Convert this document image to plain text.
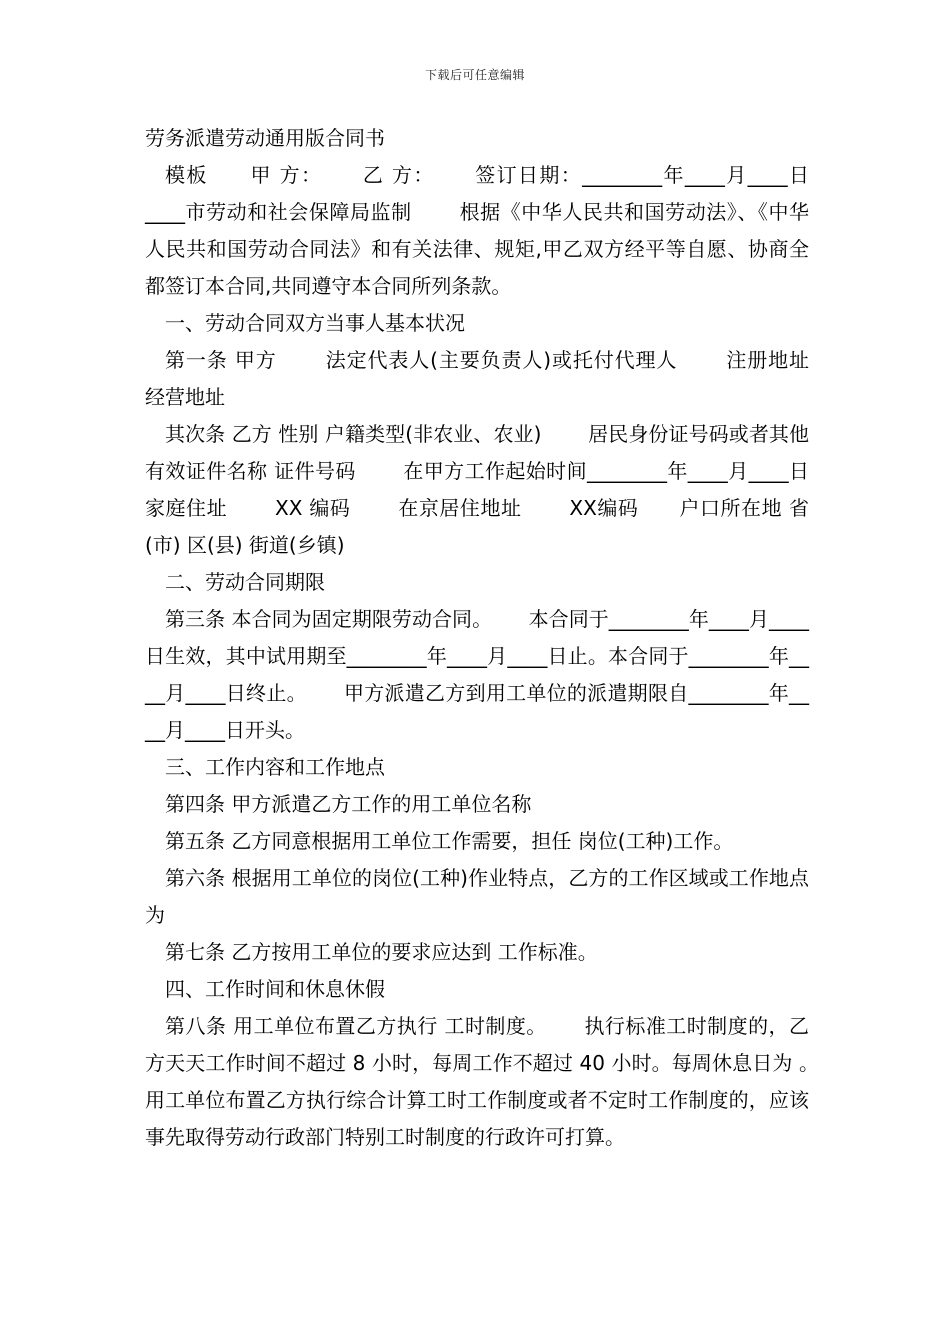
下载后可任意编辑

劳务派遣劳动通用版合同书

模板　　甲 方：　　 乙 方：　　 签订日期：________年____月____日　　 ____市劳动和社会保障局监制　　 根据《中华人民共和国劳动法》、《中华人民共和国劳动合同法》和有关法律、规矩,甲乙双方经平等自愿、协商全都签订本合同,共同遵守本合同所列条款。

一、劳动合同双方当事人基本状况

第一条 甲方　　 法定代表人(主要负责人)或托付代理人　　 注册地址　　经营地址

其次条 乙方 性别 户籍类型(非农业、农业)　　 居民身份证号码或者其他有效证件名称 证件号码　　 在甲方工作起始时间________年____月____日　　 家庭住址　　 XX 编码　　 在京居住地址　　 XX编码　　户口所在地 省(市) 区(县) 街道(乡镇)

二、劳动合同期限

第三条 本合同为固定期限劳动合同。　　 本合同于________年____月____日生效，其中试用期至________年____月____日止。本合同于________年____月____日终止。　　 甲方派遣乙方到用工单位的派遣期限自________年____月____日开头。

三、工作内容和工作地点

第四条 甲方派遣乙方工作的用工单位名称

第五条 乙方同意根据用工单位工作需要，担任 岗位(工种)工作。

第六条 根据用工单位的岗位(工种)作业特点，乙方的工作区域或工作地点为

第七条 乙方按用工单位的要求应达到 工作标准。

四、工作时间和休息休假

第八条 用工单位布置乙方执行 工时制度。　　 执行标准工时制度的，乙方天天工作时间不超过 8 小时，每周工作不超过 40 小时。每周休息日为 。　　 用工单位布置乙方执行综合计算工时工作制度或者不定时工作制度的，应该事先取得劳动行政部门特别工时制度的行政许可打算。
